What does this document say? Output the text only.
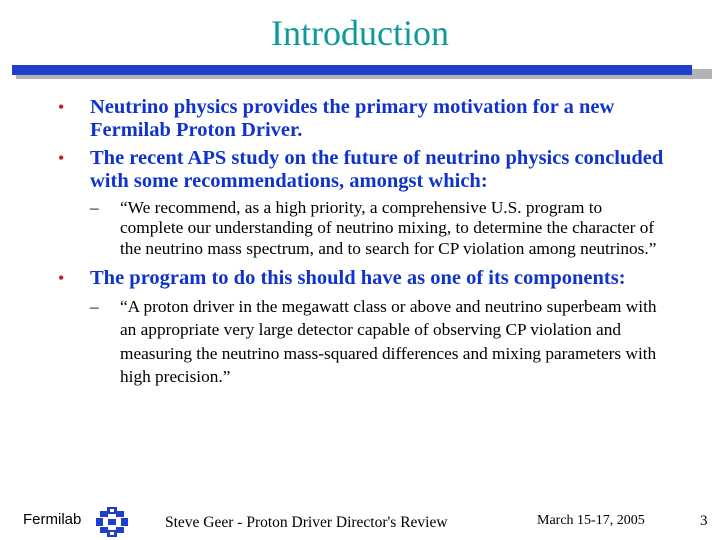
Introduction
• Neutrino physics provides the primary motivation for a new Fermilab Proton Driver.
• The recent APS study on the future of neutrino physics concluded with some recommendations, amongst which:
– “We recommend, as a high priority, a comprehensive U.S. program to complete our understanding of neutrino mixing, to determine the character of the neutrino mass spectrum, and to search for CP violation among neutrinos.”
• The program to do this should have as one of its components:
– “A proton driver in the megawatt class or above and neutrino superbeam with an appropriate very large detector capable of observing CP violation and measuring the neutrino mass-squared differences and mixing parameters with high precision.”
Fermilab	Steve Geer - Proton Driver Director's Review	March 15-17, 2005	3
